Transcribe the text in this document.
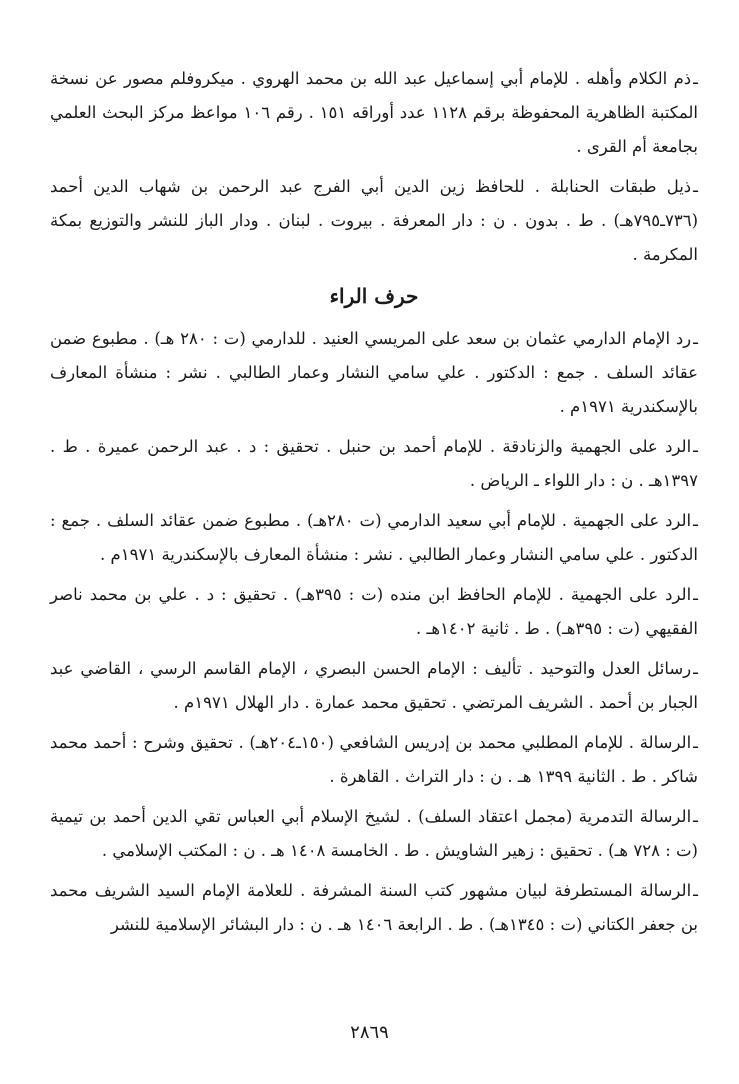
ـذم الكلام وأهله . للإمام أبي إسماعيل عبد الله بن محمد الهروي . ميكروفلم مصور عن نسخة المكتبة الظاهرية المحفوظة برقم ١١٢٨ عدد أوراقه ١٥١ . رقم ١٠٦ مواعظ مركز البحث العلمي بجامعة أم القرى .

ـذيل طبقات الحنابلة . للحافظ زين الدين أبي الفرج عبد الرحمن بن شهاب الدين أحمد (٧٣٦ـ٧٩٥هـ) . ط . بدون . ن : دار المعرفة . بيروت . لبنان . ودار الباز للنشر والتوزيع بمكة المكرمة .

حرف الراء

ـرد الإمام الدارمي عثمان بن سعد على المريسي العنيد . للدارمي (ت : ٢٨٠ هـ) . مطبوع ضمن عقائد السلف . جمع : الدكتور . علي سامي النشار وعمار الطالبي . نشر : منشأة المعارف بالإسكندرية ١٩٧١م .

ـالرد على الجهمية والزنادقة . للإمام أحمد بن حنبل . تحقيق : د . عبد الرحمن عميرة . ط . ١٣٩٧هـ . ن : دار اللواء ـ الرياض .

ـالرد على الجهمية . للإمام أبي سعيد الدارمي (ت ٢٨٠هـ) . مطبوع ضمن عقائد السلف . جمع : الدكتور . علي سامي النشار وعمار الطالبي . نشر : منشأة المعارف بالإسكندرية ١٩٧١م .

ـالرد على الجهمية . للإمام الحافظ ابن منده (ت : ٣٩٥هـ) . تحقيق : د . علي بن محمد ناصر الفقيهي (ت : ٣٩٥هـ) . ط . ثانية ١٤٠٢هـ .

ـرسائل العدل والتوحيد . تأليف : الإمام الحسن البصري ، الإمام القاسم الرسي ، القاضي عبد الجبار بن أحمد . الشريف المرتضي . تحقيق محمد عمارة . دار الهلال ١٩٧١م .

ـالرسالة . للإمام المطلبي محمد بن إدريس الشافعي (١٥٠ـ٢٠٤هـ) . تحقيق وشرح : أحمد محمد شاكر . ط . الثانية ١٣٩٩ هـ . ن : دار التراث . القاهرة .

ـالرسالة التدمرية (مجمل اعتقاد السلف) . لشيخ الإسلام أبي العباس تقي الدين أحمد بن تيمية (ت : ٧٢٨ هـ) . تحقيق : زهير الشاويش . ط . الخامسة ١٤٠٨ هـ . ن : المكتب الإسلامي .

ـالرسالة المستطرفة لبيان مشهور كتب السنة المشرفة . للعلامة الإمام السيد الشريف محمد بن جعفر الكتاني (ت : ١٣٤٥هـ) . ط . الرابعة ١٤٠٦ هـ . ن : دار البشائر الإسلامية للنشر

٢٨٦٩
